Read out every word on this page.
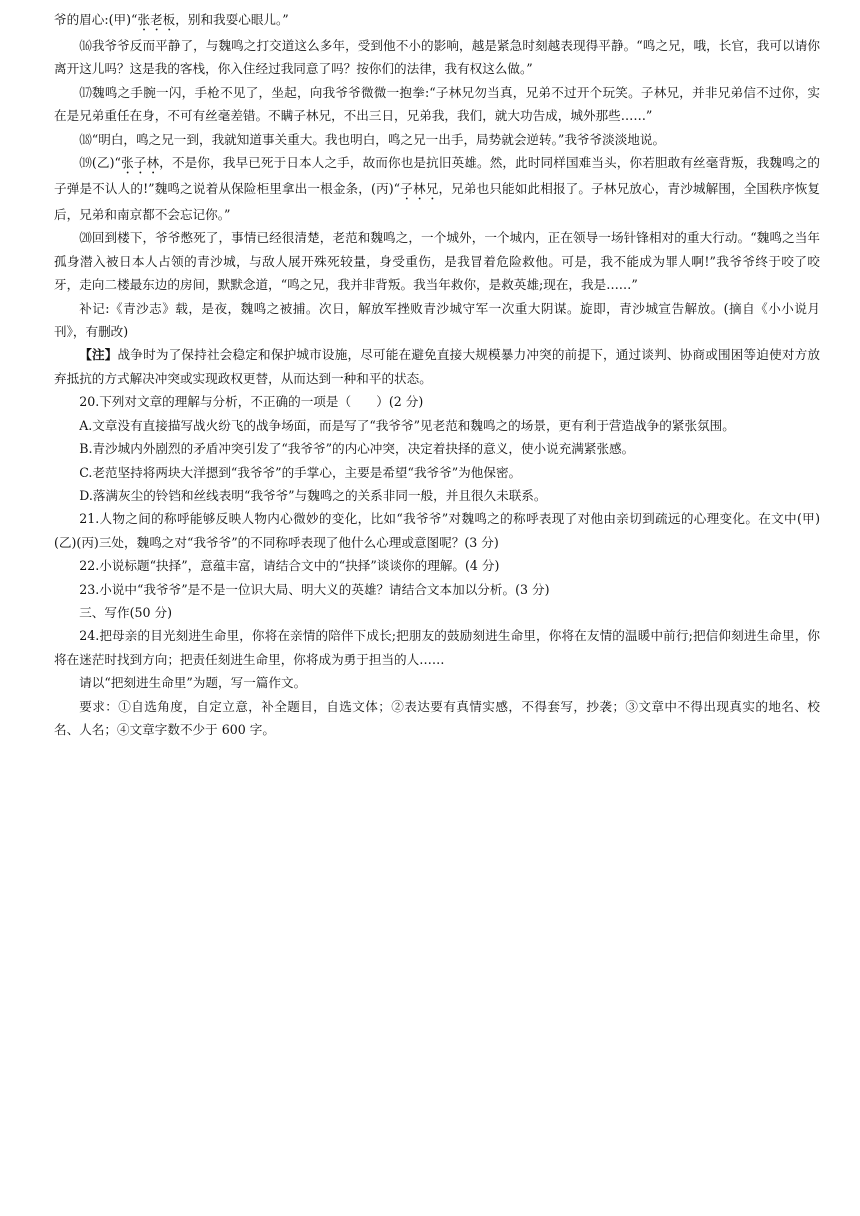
爷的眉心:(甲)“张老板，别和我耍心眼儿。”

⒃我爷爷反而平静了，与魏鸣之打交道这么多年，受到他不小的影响，越是紧急时刻越表现得平静。“鸣之兄，哦，长官，我可以请你离开这儿吗？这是我的客栈，你入住经过我同意了吗？按你们的法律，我有权这么做。”

⒄魏鸣之手腕一闪，手枪不见了，坐起，向我爷爷微微一抱拳:“子林兄勿当真，兄弟不过开个玩笑。子林兄，并非兄弟信不过你，实在是兄弟重任在身，不可有丝毫差错。不瞒子林兄，不出三日，兄弟我，我们，就大功告成，城外那些……”

⒅“明白，鸣之兄一到，我就知道事关重大。我也明白，鸣之兄一出手，局势就会逆转。”我爷爷淡淡地说。

⒆(乙)“张子林，不是你，我早已死于日本人之手，故而你也是抗旧英雄。然，此时同样国难当头，你若胆敢有丝毫背叛，我魏鸣之的子弹是不认人的!”魏鸣之说着从保险柜里拿出一根金条，(丙)“子林兄，兄弟也只能如此相报了。子林兄放心，青沙城解围，全国秩序恢复后，兄弟和南京都不会忘记你。”

⒇回到楼下，爷爷憋死了，事情已经很清楚，老范和魏鸣之，一个城外，一个城内，正在领导一场针锋相对的重大行动。“魏鸣之当年孤身潜入被日本人占领的青沙城，与敌人展开殊死较量，身受重伤，是我冒着危险救他。可是，我不能成为罪人啊!”我爷爷终于咬了咬牙，走向二楼最东边的房间，默默念道，“鸣之兄，我并非背叛。我当年救你，是救英雄;现在，我是……”

补记:《青沙志》载，是夜，魏鸣之被捕。次日，解放军挫败青沙城守军一次重大阴谋。旋即，青沙城宣告解放。(摘自《小小说月刊》，有删改)

【注】战争时为了保持社会稳定和保护城市设施，尽可能在避免直接大规模暴力冲突的前提下，通过谈判、协商或围困等迫使对方放弃抵抗的方式解决冲突或实现政权更替，从而达到一种和平的状态。

20.下列对文章的理解与分析，不正确的一项是（　　）(2 分)

A.文章没有直接描写战火纷飞的战争场面，而是写了“我爷爷”见老范和魏鸣之的场景，更有利于营造战争的紧张氛围。

B.青沙城内外剧烈的矛盾冲突引发了“我爷爷”的内心冲突，决定着抉择的意义，使小说充满紧张感。

C.老范坚持将两块大洋摁到“我爷爷”的手掌心，主要是希望“我爷爷”为他保密。

D.落满灰尘的铃铛和丝线表明“我爷爷”与魏鸣之的关系非同一般，并且很久未联系。

21.人物之间的称呼能够反映人物内心微妙的变化，比如“我爷爷”对魏鸣之的称呼表现了对他由亲切到疏远的心理变化。在文中(甲)(乙)(丙)三处，魏鸣之对“我爷爷”的不同称呼表现了他什么心理或意图呢？(3 分)

22.小说标题“抉择”，意蕴丰富，请结合文中的“抉择”谈谈你的理解。(4 分)

23.小说中“我爷爷”是不是一位识大局、明大义的英雄？请结合文本加以分析。(3 分)

三、写作(50 分)

24.把母亲的目光刻进生命里，你将在亲情的陪伴下成长;把朋友的鼓励刻进生命里，你将在友情的温暖中前行;把信仰刻进生命里，你将在迷茫时找到方向；把责任刻进生命里，你将成为勇于担当的人……

请以“把刻进生命里”为题，写一篇作文。

要求：①自选角度，自定立意，补全题目，自选文体；②表达要有真情实感，不得套写，抄袭；③文章中不得出现真实的地名、校名、人名；④文章字数不少于 600 字。
